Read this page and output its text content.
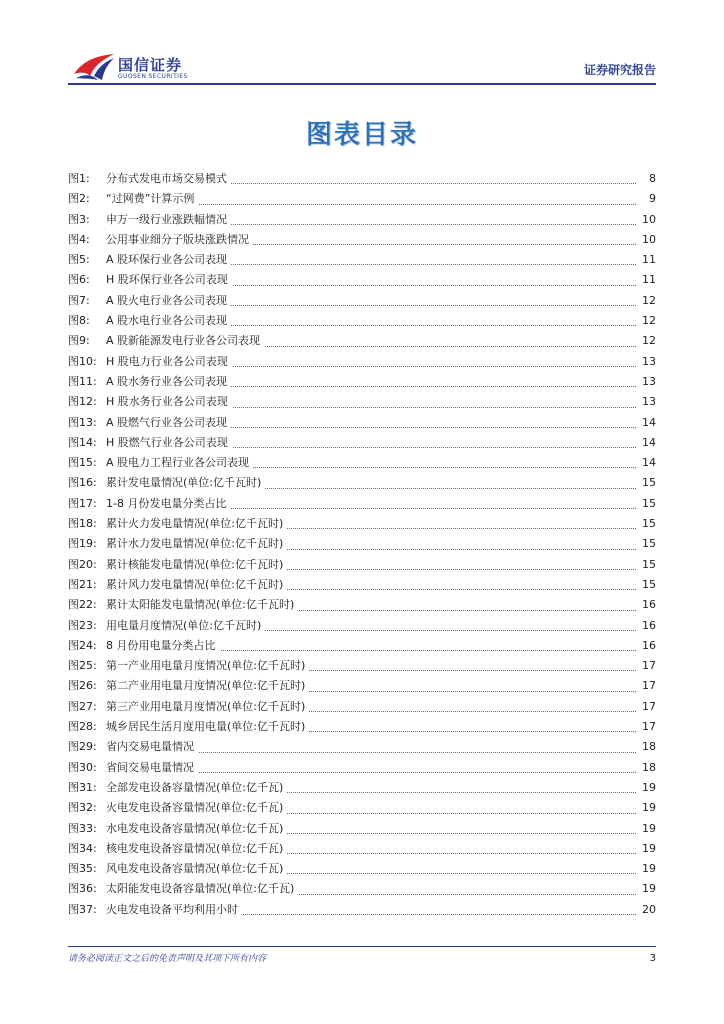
国信证券
GUOSEN SECURITIES	证券研究报告
图表目录
图1:	分布式发电市场交易模式	8
图2:	“过网费”计算示例	9
图3:	申万一级行业涨跌幅情况	10
图4:	公用事业细分子版块涨跌情况	10
图5:	A 股环保行业各公司表现	11
图6:	H 股环保行业各公司表现	11
图7:	A 股火电行业各公司表现	12
图8:	A 股水电行业各公司表现	12
图9:	A 股新能源发电行业各公司表现	12
图10: H 股电力行业各公司表现	13
图11: A 股水务行业各公司表现	13
图12: H 股水务行业各公司表现	13
图13: A 股燃气行业各公司表现	14
图14: H 股燃气行业各公司表现	14
图15: A 股电力工程行业各公司表现	14
图16: 累计发电量情况(单位:亿千瓦时)	15
图17: 1-8 月份发电量分类占比	15
图18: 累计火力发电量情况(单位:亿千瓦时)	15
图19: 累计水力发电量情况(单位:亿千瓦时)	15
图20: 累计核能发电量情况(单位:亿千瓦时)	15
图21: 累计风力发电量情况(单位:亿千瓦时)	15
图22: 累计太阳能发电量情况(单位:亿千瓦时)	16
图23: 用电量月度情况(单位:亿千瓦时)	16
图24: 8 月份用电量分类占比	16
图25: 第一产业用电量月度情况(单位:亿千瓦时)	17
图26: 第二产业用电量月度情况(单位:亿千瓦时)	17
图27: 第三产业用电量月度情况(单位:亿千瓦时)	17
图28: 城乡居民生活月度用电量(单位:亿千瓦时)	17
图29: 省内交易电量情况	18
图30: 省间交易电量情况	18
图31: 全部发电设备容量情况(单位:亿千瓦)	19
图32: 火电发电设备容量情况(单位:亿千瓦)	19
图33: 水电发电设备容量情况(单位:亿千瓦)	19
图34: 核电发电设备容量情况(单位:亿千瓦)	19
图35: 风电发电设备容量情况(单位:亿千瓦)	19
图36: 太阳能发电设备容量情况(单位:亿千瓦)	19
图37: 火电发电设备平均利用小时	20
请务必阅读正文之后的免责声明及其项下所有内容	3
